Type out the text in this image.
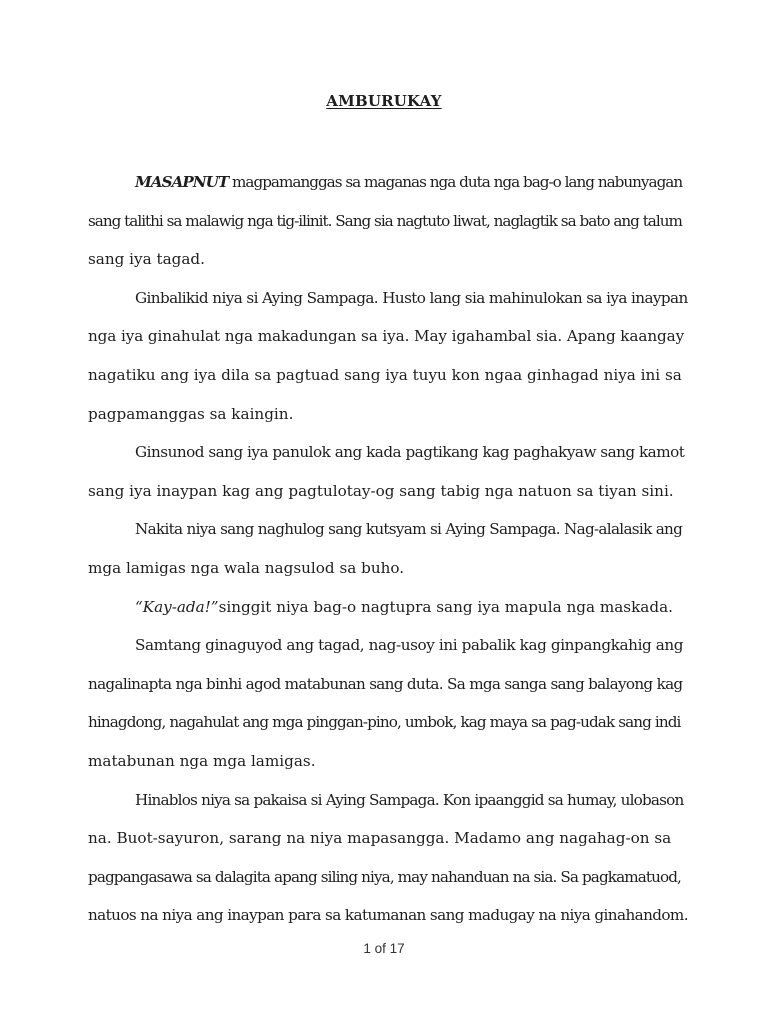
AMBURUKAY
MASAPNUT magpamanggas sa maganas nga duta nga bag-o lang nabunyagan
sang talithi sa malawig nga tig-ilinit. Sang sia nagtuto liwat, naglagtik sa bato ang talum
sang iya tagad.
Ginbalikid niya si Aying Sampaga. Husto lang sia mahinulokan sa iya inaypan
nga iya ginahulat nga makadungan sa iya. May igahambal sia. Apang kaangay
nagatiku ang iya dila sa pagtuad sang iya tuyu kon ngaa ginhagad niya ini sa
pagpamanggas sa kaingin.
Ginsunod sang iya panulok ang kada pagtikang kag paghakyaw sang kamot
sang iya inaypan kag ang pagtulotay-og sang tabig nga natuon sa tiyan sini.
Nakita niya sang naghulog sang kutsyam si Aying Sampaga. Nag-alalasik ang
mga lamigas nga wala nagsulod sa buho.
“Kay-ada!”singgit niya bag-o nagtupra sang iya mapula nga maskada.
Samtang ginaguyod ang tagad, nag-usoy ini pabalik kag ginpangkahig ang
nagalinapta nga binhi agod matabunan sang duta. Sa mga sanga sang balayong kag
hinagdong, nagahulat ang mga pinggan-pino, umbok, kag maya sa pag-udak sang indi
matabunan nga mga lamigas.
Hinablos niya sa pakaisa si Aying Sampaga. Kon ipaanggid sa humay, ulobason
na. Buot-sayuron, sarang na niya mapasangga. Madamo ang nagahag-on sa
pagpangasawa sa dalagita apang siling niya, may nahanduan na sia. Sa pagkamatuod,
natuos na niya ang inaypan para sa katumanan sang madugay na niya ginahandom.
1 of 17
